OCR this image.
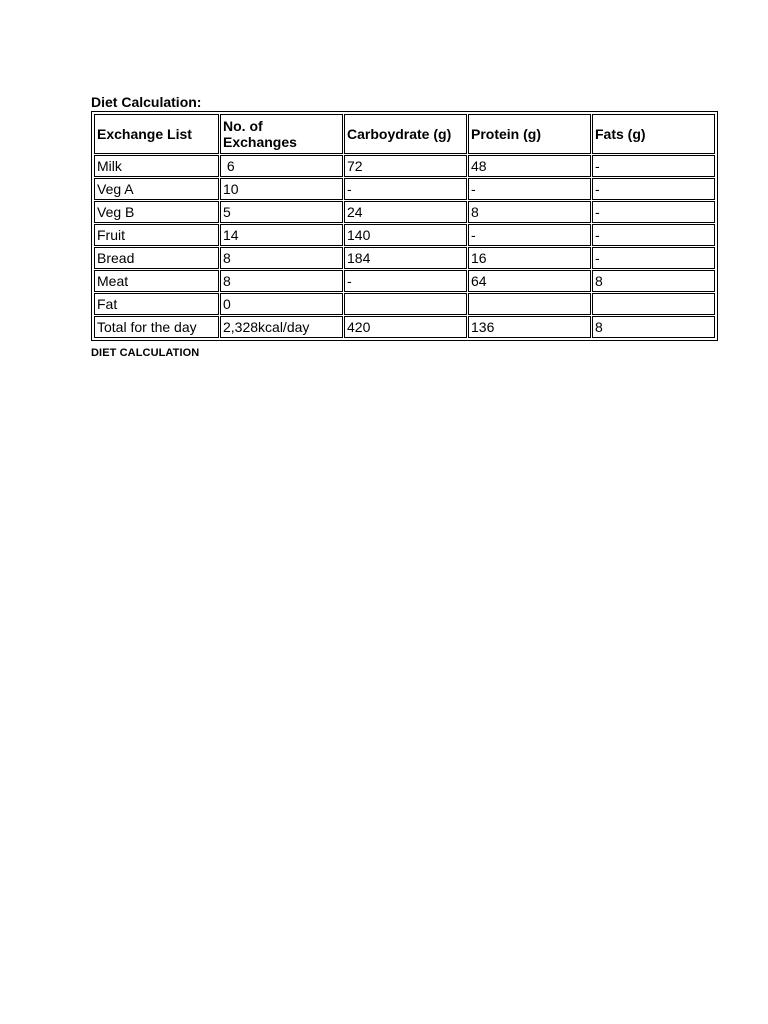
Diet Calculation:
Exchange List	No. of Exchanges	Carboydrate (g)	Protein (g)	Fats (g)
Milk	6	72	48	-
Veg A	10	-	-	-
Veg B	5	24	8	-
Fruit	14	140	-	-
Bread	8	184	16	-
Meat	8	-	64	8
Fat	0			
Total for the day	2,328kcal/day	420	136	8
DIET CALCULATION
